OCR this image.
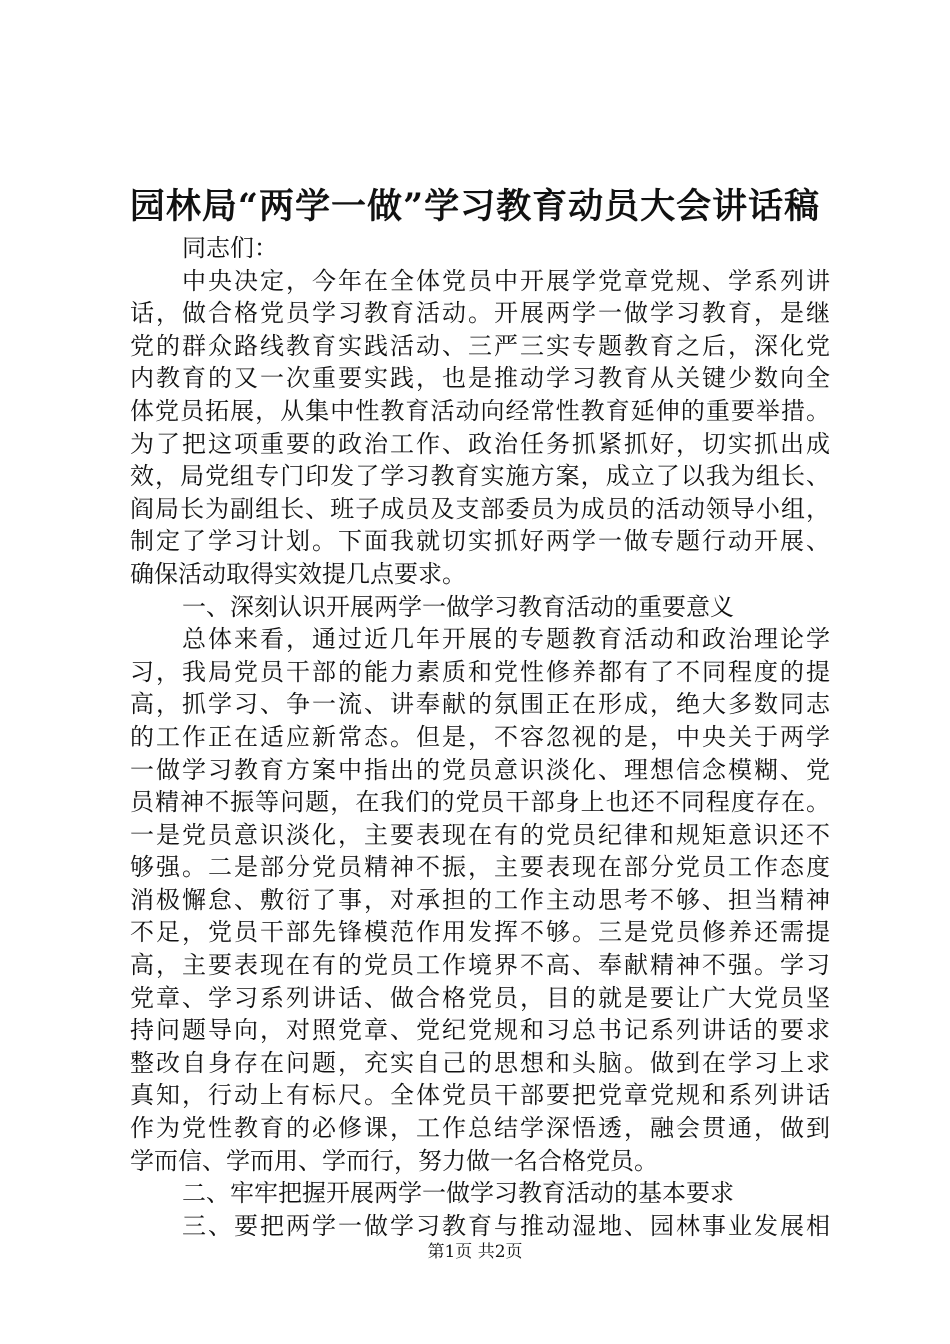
园林局“两学一做”学习教育动员大会讲话稿
同志们：
中央决定，今年在全体党员中开展学党章党规、学系列讲
话，做合格党员学习教育活动。开展两学一做学习教育，是继
党的群众路线教育实践活动、三严三实专题教育之后，深化党
内教育的又一次重要实践，也是推动学习教育从关键少数向全
体党员拓展，从集中性教育活动向经常性教育延伸的重要举措。
为了把这项重要的政治工作、政治任务抓紧抓好，切实抓出成
效，局党组专门印发了学习教育实施方案，成立了以我为组长、
阎局长为副组长、班子成员及支部委员为成员的活动领导小组，
制定了学习计划。下面我就切实抓好两学一做专题行动开展、
确保活动取得实效提几点要求。
一、深刻认识开展两学一做学习教育活动的重要意义
总体来看，通过近几年开展的专题教育活动和政治理论学
习，我局党员干部的能力素质和党性修养都有了不同程度的提
高，抓学习、争一流、讲奉献的氛围正在形成，绝大多数同志
的工作正在适应新常态。但是，不容忽视的是，中央关于两学
一做学习教育方案中指出的党员意识淡化、理想信念模糊、党
员精神不振等问题，在我们的党员干部身上也还不同程度存在。
一是党员意识淡化，主要表现在有的党员纪律和规矩意识还不
够强。二是部分党员精神不振，主要表现在部分党员工作态度
消极懈怠、敷衍了事，对承担的工作主动思考不够、担当精神
不足，党员干部先锋模范作用发挥不够。三是党员修养还需提
高，主要表现在有的党员工作境界不高、奉献精神不强。学习
党章、学习系列讲话、做合格党员，目的就是要让广大党员坚
持问题导向，对照党章、党纪党规和习总书记系列讲话的要求
整改自身存在问题，充实自己的思想和头脑。做到在学习上求
真知，行动上有标尺。全体党员干部要把党章党规和系列讲话
作为党性教育的必修课，工作总结学深悟透，融会贯通，做到
学而信、学而用、学而行，努力做一名合格党员。
二、牢牢把握开展两学一做学习教育活动的基本要求
三、要把两学一做学习教育与推动湿地、园林事业发展相
第1页 共2页
